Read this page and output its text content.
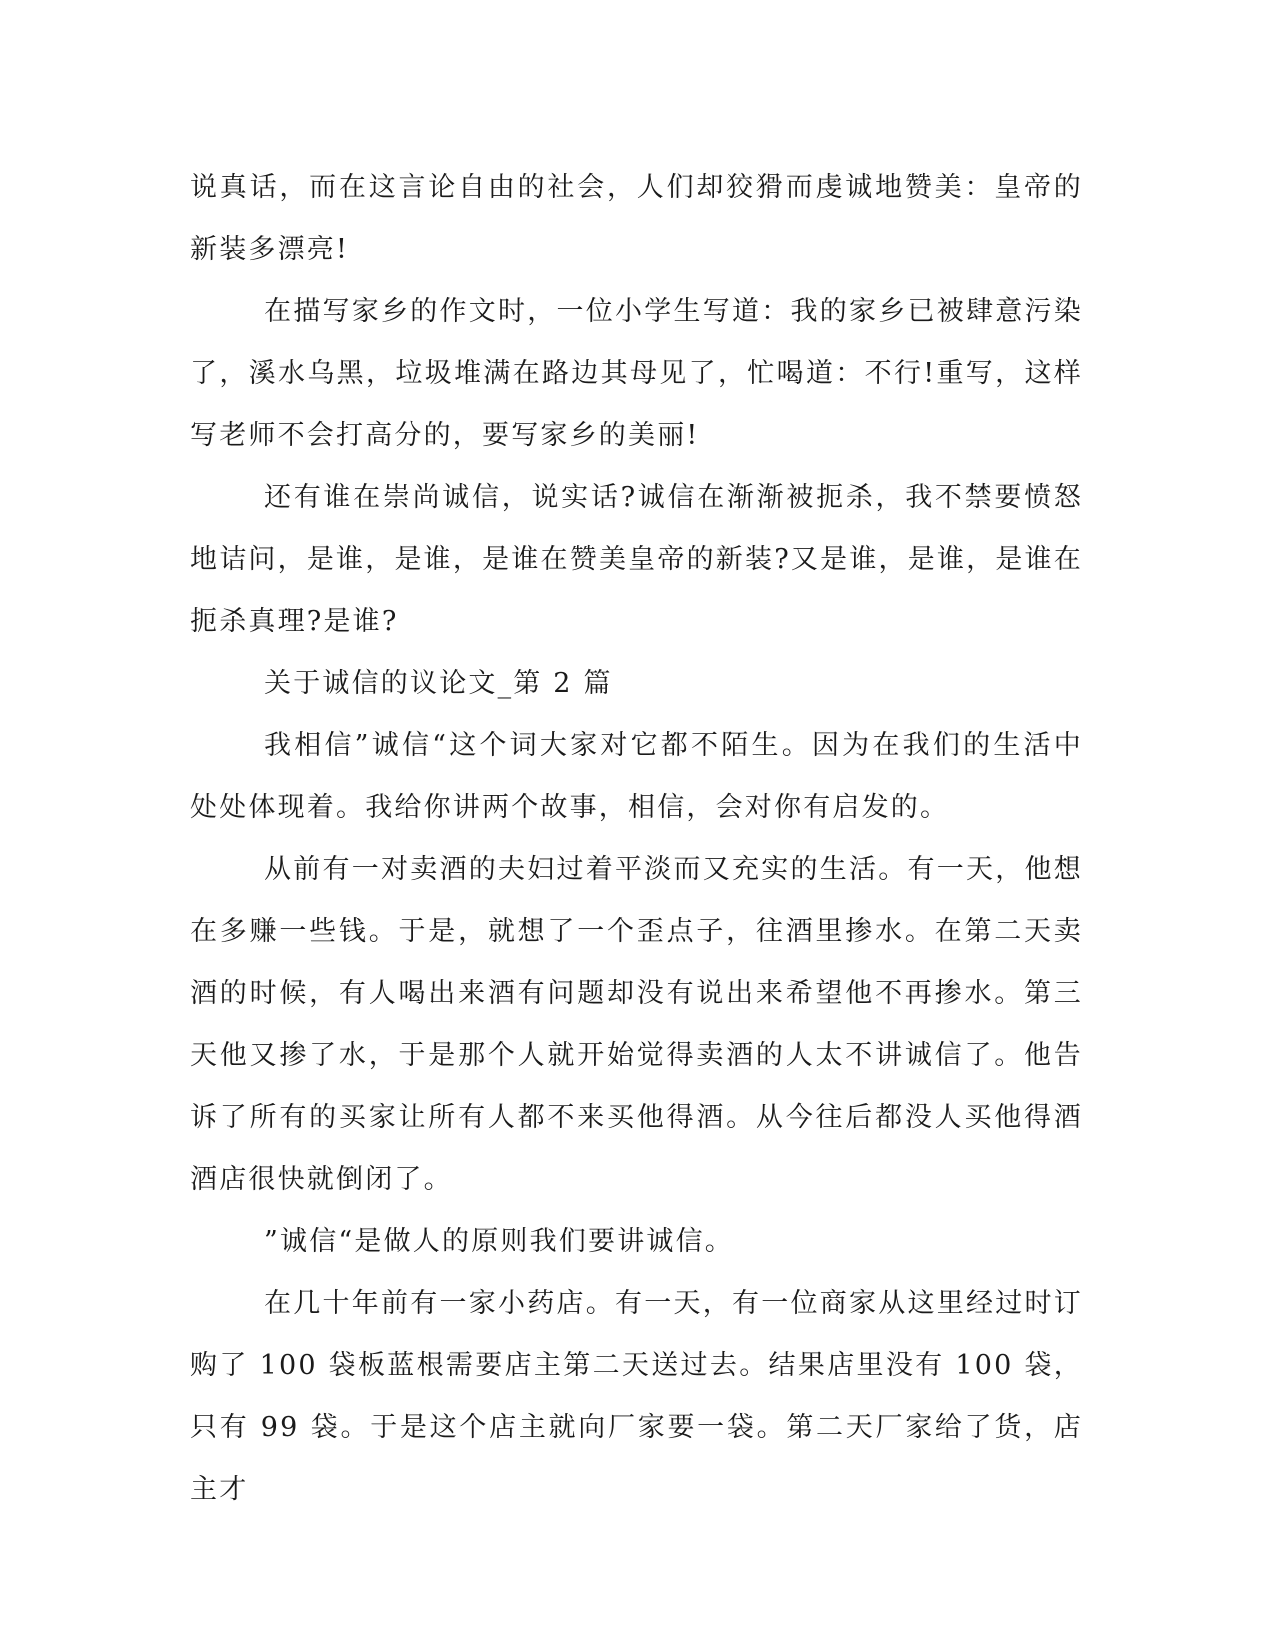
说真话，而在这言论自由的社会，人们却狡猾而虔诚地赞美：皇帝的新装多漂亮!

在描写家乡的作文时，一位小学生写道：我的家乡已被肆意污染了，溪水乌黑，垃圾堆满在路边其母见了，忙喝道：不行!重写，这样写老师不会打高分的，要写家乡的美丽!

还有谁在崇尚诚信，说实话?诚信在渐渐被扼杀，我不禁要愤怒地诘问，是谁，是谁，是谁在赞美皇帝的新装?又是谁，是谁，是谁在扼杀真理?是谁?

关于诚信的议论文_第 2 篇

我相信”诚信“这个词大家对它都不陌生。因为在我们的生活中处处体现着。我给你讲两个故事，相信，会对你有启发的。

从前有一对卖酒的夫妇过着平淡而又充实的生活。有一天，他想在多赚一些钱。于是，就想了一个歪点子，往酒里掺水。在第二天卖酒的时候，有人喝出来酒有问题却没有说出来希望他不再掺水。第三天他又掺了水，于是那个人就开始觉得卖酒的人太不讲诚信了。他告诉了所有的买家让所有人都不来买他得酒。从今往后都没人买他得酒酒店很快就倒闭了。

”诚信“是做人的原则我们要讲诚信。

在几十年前有一家小药店。有一天，有一位商家从这里经过时订购了 100 袋板蓝根需要店主第二天送过去。结果店里没有 100 袋，只有 99 袋。于是这个店主就向厂家要一袋。第二天厂家给了货，店主才
